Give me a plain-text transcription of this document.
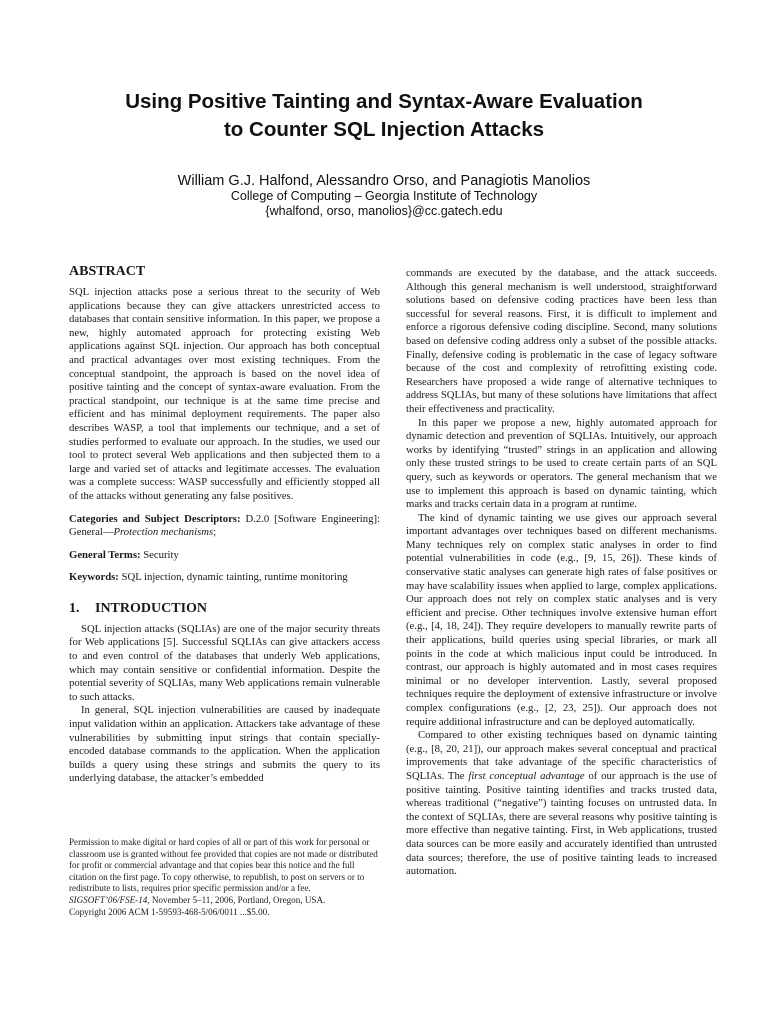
Using Positive Tainting and Syntax-Aware Evaluation
to Counter SQL Injection Attacks
William G.J. Halfond, Alessandro Orso, and Panagiotis Manolios
College of Computing – Georgia Institute of Technology
{whalfond, orso, manolios}@cc.gatech.edu
ABSTRACT

SQL injection attacks pose a serious threat to the security of Web applications because they can give attackers unrestricted access to databases that contain sensitive information. In this paper, we propose a new, highly automated approach for protecting existing Web applications against SQL injection. Our approach has both conceptual and practical advantages over most existing techniques. From the conceptual standpoint, the approach is based on the novel idea of positive tainting and the concept of syntax-aware evaluation. From the practical standpoint, our technique is at the same time precise and efficient and has minimal deployment requirements. The paper also describes WASP, a tool that implements our technique, and a set of studies performed to evaluate our approach. In the studies, we used our tool to protect several Web applications and then subjected them to a large and varied set of attacks and legitimate accesses. The evaluation was a complete success: WASP successfully and efficiently stopped all of the attacks without generating any false positives.

Categories and Subject Descriptors: D.2.0 [Software Engineering]: General—Protection mechanisms;

General Terms: Security

Keywords: SQL injection, dynamic tainting, runtime monitoring

1. INTRODUCTION

SQL injection attacks (SQLIAs) are one of the major security threats for Web applications [5]. Successful SQLIAs can give attackers access to and even control of the databases that underly Web applications, which may contain sensitive or confidential information. Despite the potential severity of SQLIAs, many Web applications remain vulnerable to such attacks.

In general, SQL injection vulnerabilities are caused by inadequate input validation within an application. Attackers take advantage of these vulnerabilities by submitting input strings that contain specially-encoded database commands to the application. When the application builds a query using these strings and submits the query to its underlying database, the attacker’s embedded

Permission to make digital or hard copies of all or part of this work for personal or classroom use is granted without fee provided that copies are not made or distributed for profit or commercial advantage and that copies bear this notice and the full citation on the first page. To copy otherwise, to republish, to post on servers or to redistribute to lists, requires prior specific permission and/or a fee.

SIGSOFT’06/FSE-14, November 5–11, 2006, Portland, Oregon, USA.

Copyright 2006 ACM 1-59593-468-5/06/0011 ...$5.00.

commands are executed by the database, and the attack succeeds. Although this general mechanism is well understood, straightforward solutions based on defensive coding practices have been less than successful for several reasons. First, it is difficult to implement and enforce a rigorous defensive coding discipline. Second, many solutions based on defensive coding address only a subset of the possible attacks. Finally, defensive coding is problematic in the case of legacy software because of the cost and complexity of retrofitting existing code. Researchers have proposed a wide range of alternative techniques to address SQLIAs, but many of these solutions have limitations that affect their effectiveness and practicality.

In this paper we propose a new, highly automated approach for dynamic detection and prevention of SQLIAs. Intuitively, our approach works by identifying “trusted” strings in an application and allowing only these trusted strings to be used to create certain parts of an SQL query, such as keywords or operators. The general mechanism that we use to implement this approach is based on dynamic tainting, which marks and tracks certain data in a program at runtime.

The kind of dynamic tainting we use gives our approach several important advantages over techniques based on different mechanisms. Many techniques rely on complex static analyses in order to find potential vulnerabilities in code (e.g., [9, 15, 26]). These kinds of conservative static analyses can generate high rates of false positives or may have scalability issues when applied to large, complex applications. Our approach does not rely on complex static analyses and is very efficient and precise. Other techniques involve extensive human effort (e.g., [4, 18, 24]). They require developers to manually rewrite parts of their applications, build queries using special libraries, or mark all points in the code at which malicious input could be introduced. In contrast, our approach is highly automated and in most cases requires minimal or no developer intervention. Lastly, several proposed techniques require the deployment of extensive infrastructure or involve complex configurations (e.g., [2, 23, 25]). Our approach does not require additional infrastructure and can be deployed automatically.

Compared to other existing techniques based on dynamic tainting (e.g., [8, 20, 21]), our approach makes several conceptual and practical improvements that take advantage of the specific characteristics of SQLIAs. The first conceptual advantage of our approach is the use of positive tainting. Positive tainting identifies and tracks trusted data, whereas traditional (“negative”) tainting focuses on untrusted data. In the context of SQLIAs, there are several reasons why positive tainting is more effective than negative tainting. First, in Web applications, trusted data sources can be more easily and accurately identified than untrusted data sources; therefore, the use of positive tainting leads to increased automation.
